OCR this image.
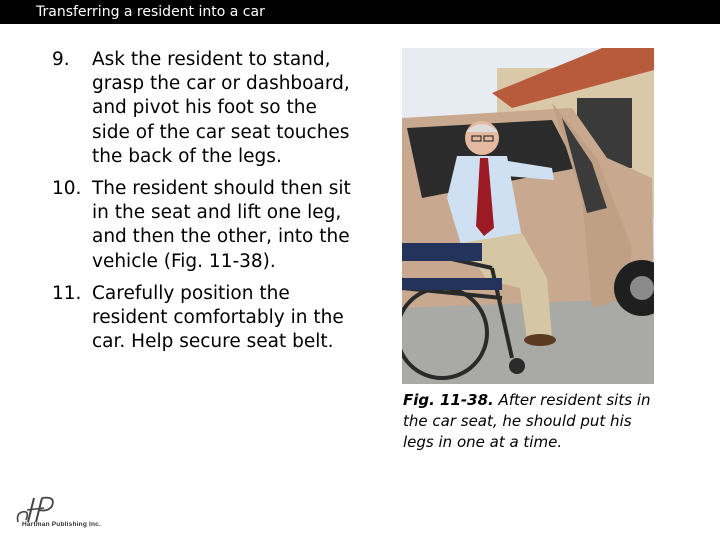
Transferring a resident into a car
9. Ask the resident to stand, grasp the car or dashboard, and pivot his foot so the side of the car seat touches the back of the legs.
10. The resident should then sit in the seat and lift one leg, and then the other, into the vehicle (Fig. 11-38).
11. Carefully position the resident comfortably in the car. Help secure seat belt.
Fig. 11-38. After resident sits in the car seat, he should put his legs in one at a time.
Hartman Publishing Inc.
